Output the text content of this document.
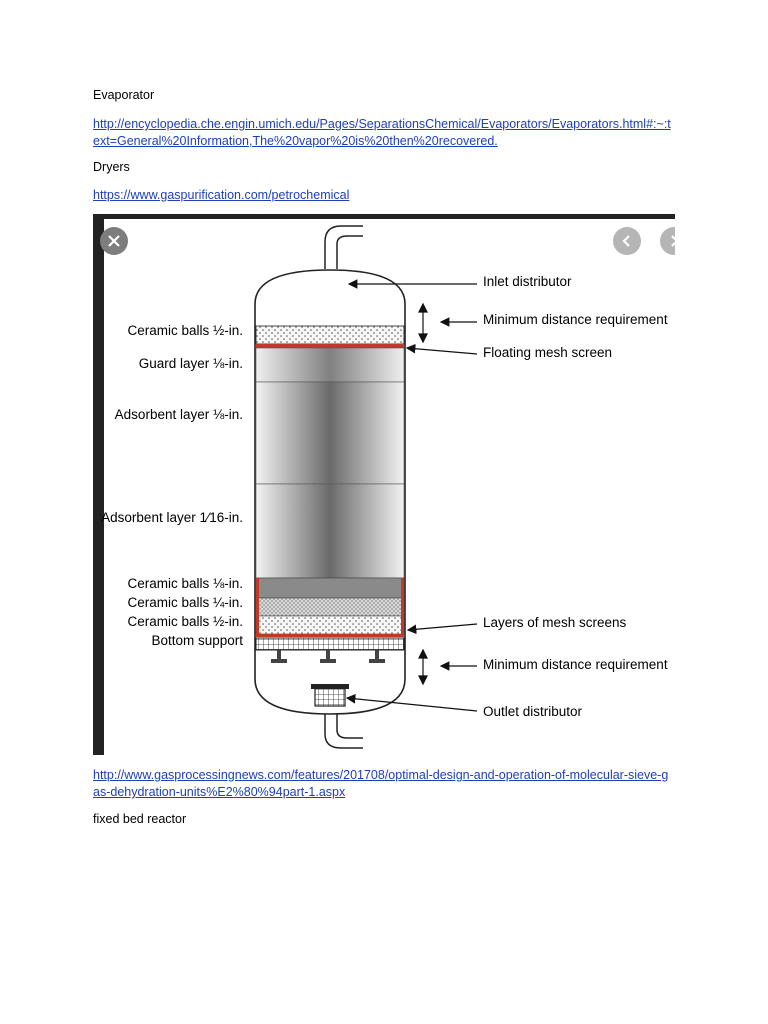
Evaporator
http://encyclopedia.che.engin.umich.edu/Pages/SeparationsChemical/Evaporators/Evaporators.html#:~:text=General%20Information,The%20vapor%20is%20then%20recovered.
Dryers
https://www.gaspurification.com/petrochemical
Ceramic balls ½-in.
Guard layer ⅛-in.
Adsorbent layer ⅛-in.
Adsorbent layer 1⁄16-in.
Ceramic balls ⅛-in.
Ceramic balls ¼-in.
Ceramic balls ½-in.
Bottom support
Inlet distributor
Minimum distance requirement
Floating mesh screen
Layers of mesh screens
Minimum distance requirement
Outlet distributor
http://www.gasprocessingnews.com/features/201708/optimal-design-and-operation-of-molecular-sieve-gas-dehydration-units%E2%80%94part-1.aspx
fixed bed reactor
